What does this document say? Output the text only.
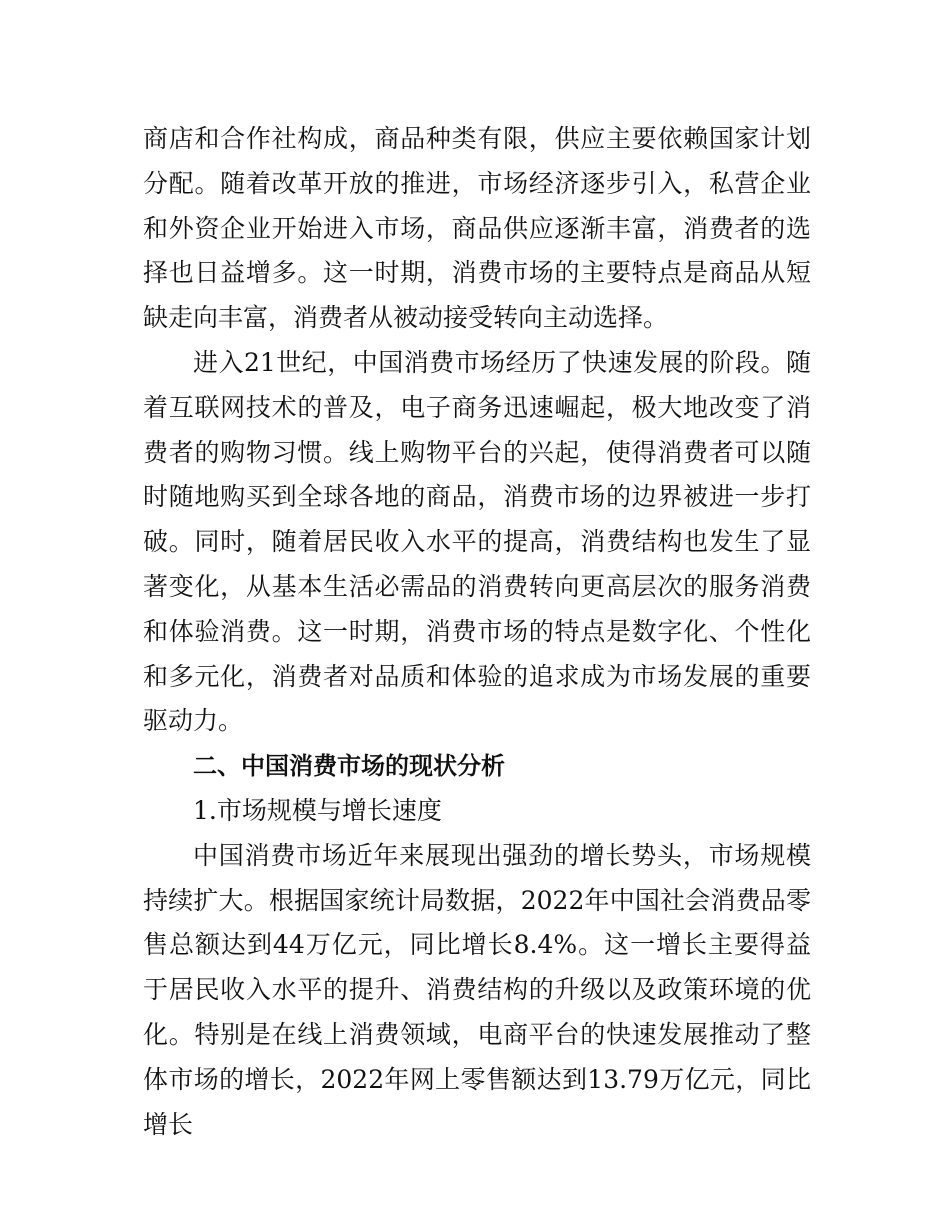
商店和合作社构成，商品种类有限，供应主要依赖国家计划分配。随着改革开放的推进，市场经济逐步引入，私营企业和外资企业开始进入市场，商品供应逐渐丰富，消费者的选择也日益增多。这一时期，消费市场的主要特点是商品从短缺走向丰富，消费者从被动接受转向主动选择。

进入21世纪，中国消费市场经历了快速发展的阶段。随着互联网技术的普及，电子商务迅速崛起，极大地改变了消费者的购物习惯。线上购物平台的兴起，使得消费者可以随时随地购买到全球各地的商品，消费市场的边界被进一步打破。同时，随着居民收入水平的提高，消费结构也发生了显著变化，从基本生活必需品的消费转向更高层次的服务消费和体验消费。这一时期，消费市场的特点是数字化、个性化和多元化，消费者对品质和体验的追求成为市场发展的重要驱动力。

二、中国消费市场的现状分析

1.市场规模与增长速度

中国消费市场近年来展现出强劲的增长势头，市场规模持续扩大。根据国家统计局数据，2022年中国社会消费品零售总额达到44万亿元，同比增长8.4%。这一增长主要得益于居民收入水平的提升、消费结构的升级以及政策环境的优化。特别是在线上消费领域，电商平台的快速发展推动了整体市场的增长，2022年网上零售额达到13.79万亿元，同比增长
